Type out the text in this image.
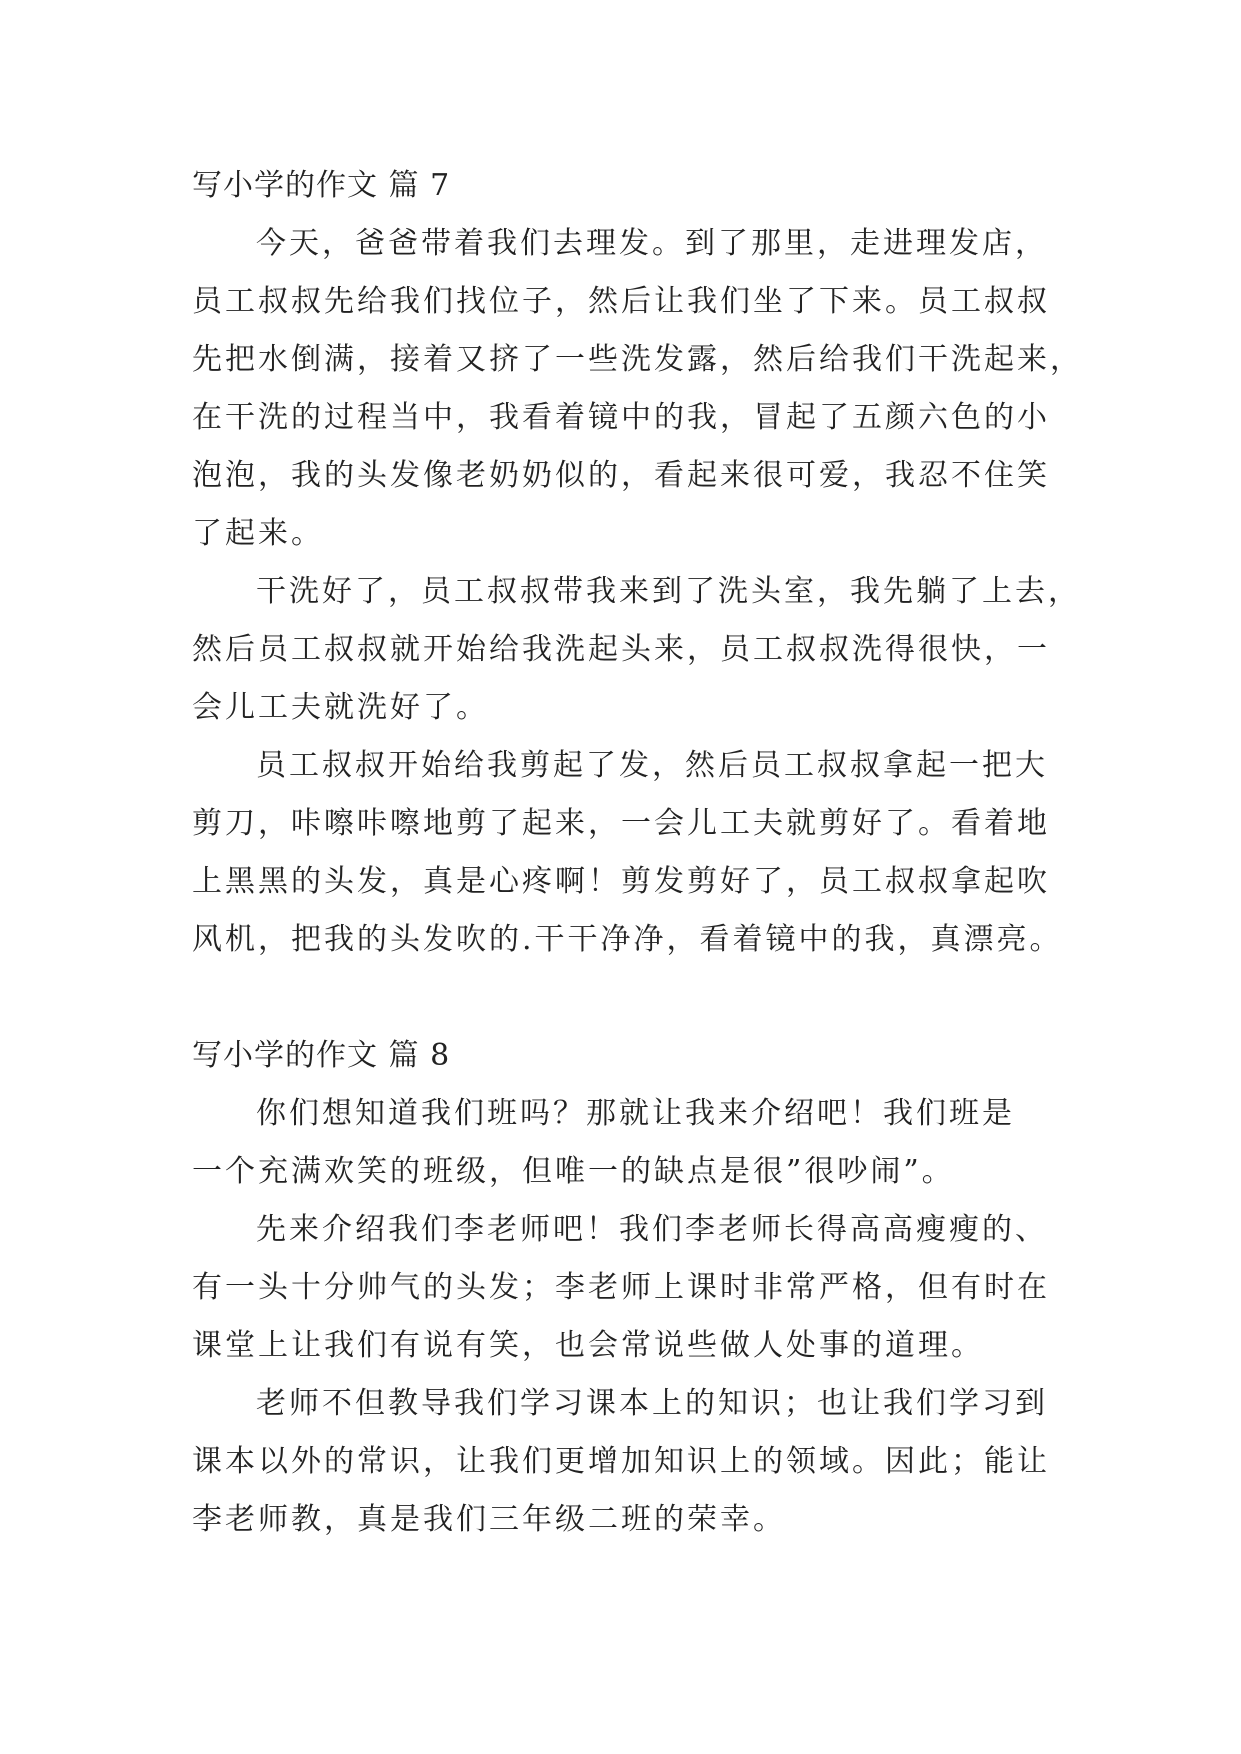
写小学的作文 篇 7
今天，爸爸带着我们去理发。到了那里，走进理发店，
员工叔叔先给我们找位子，然后让我们坐了下来。员工叔叔
先把水倒满，接着又挤了一些洗发露，然后给我们干洗起来，
在干洗的过程当中，我看着镜中的我，冒起了五颜六色的小
泡泡，我的头发像老奶奶似的，看起来很可爱，我忍不住笑
了起来。
干洗好了，员工叔叔带我来到了洗头室，我先躺了上去，
然后员工叔叔就开始给我洗起头来，员工叔叔洗得很快，一
会儿工夫就洗好了。
员工叔叔开始给我剪起了发，然后员工叔叔拿起一把大
剪刀，咔嚓咔嚓地剪了起来，一会儿工夫就剪好了。看着地
上黑黑的头发，真是心疼啊！剪发剪好了，员工叔叔拿起吹
风机，把我的头发吹的.干干净净，看着镜中的我，真漂亮。
写小学的作文 篇 8
你们想知道我们班吗？那就让我来介绍吧！我们班是
一个充满欢笑的班级，但唯一的缺点是很”很吵闹”。
先来介绍我们李老师吧！我们李老师长得高高瘦瘦的、
有一头十分帅气的头发；李老师上课时非常严格，但有时在
课堂上让我们有说有笑，也会常说些做人处事的道理。
老师不但教导我们学习课本上的知识；也让我们学习到
课本以外的常识，让我们更增加知识上的领域。因此；能让
李老师教，真是我们三年级二班的荣幸。
